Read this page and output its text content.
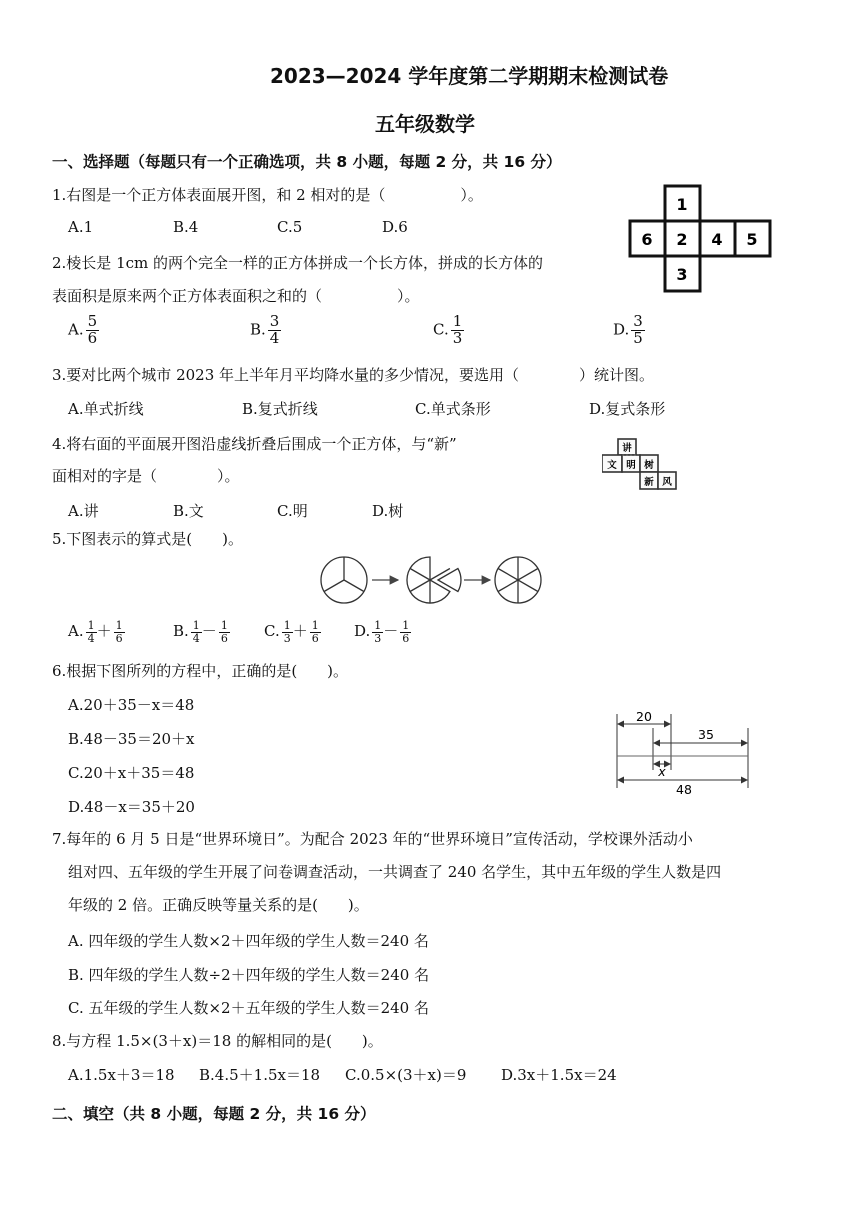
2023—2024 学年度第二学期期末检测试卷
五年级数学
一、选择题（每题只有一个正确选项，共 8 小题，每题 2 分，共 16 分）
1.右图是一个正方体表面展开图，和 2 相对的是（　　　　　）。
A.1	B.4	C.5	D.6
1
6 2 4 5
3
2.棱长是 1cm 的两个完全一样的正方体拼成一个长方体，拼成的长方体的
表面积是原来两个正方体表面积之和的（　　　　　）。
A. $\frac{5}{6}$	B. $\frac{3}{4}$	C. $\frac{1}{3}$	D. $\frac{3}{5}$
3.要对比两个城市 2023 年上半年月平均降水量的多少情况，要选用（　　　　）统计图。
A.单式折线	B.复式折线	C.单式条形	D.复式条形
4.将右面的平面展开图沿虚线折叠后围成一个正方体，与“新”
面相对的字是（　　　　）。
A.讲	B.文	C.明	D.树
讲
文 明 树
新 风
5.下图表示的算式是(　　)。
A. $\frac{1}{4} + \frac{1}{6}$	B. $\frac{1}{4} - \frac{1}{6} C$. $\frac{1}{3} + \frac{1}{6} D$. $\frac{1}{3} - \frac{1}{6}$
6.根据下图所列的方程中，正确的是(　　)。
A.20＋35－x＝48
B.48－35＝20＋x
C.20＋x＋35＝48
D.48－x＝35＋20
20
35
x
48
7.每年的 6 月 5 日是“世界环境日”。为配合 2023 年的“世界环境日”宣传活动，学校课外活动小
组对四、五年级的学生开展了问卷调查活动，一共调查了 240 名学生，其中五年级的学生人数是四
年级的 2 倍。正确反映等量关系的是(　　)。
A. 四年级的学生人数×2＋四年级的学生人数＝240 名
B. 四年级的学生人数÷2＋四年级的学生人数＝240 名
C. 五年级的学生人数×2＋五年级的学生人数＝240 名
8.与方程 1.5×(3＋x)＝18 的解相同的是(　　)。
A.1.5x＋3＝18 B.4.5＋1.5x＝18 C.0.5×(3＋x)＝9 D.3x＋1.5x＝24
二、填空（共 8 小题，每题 2 分，共 16 分）
